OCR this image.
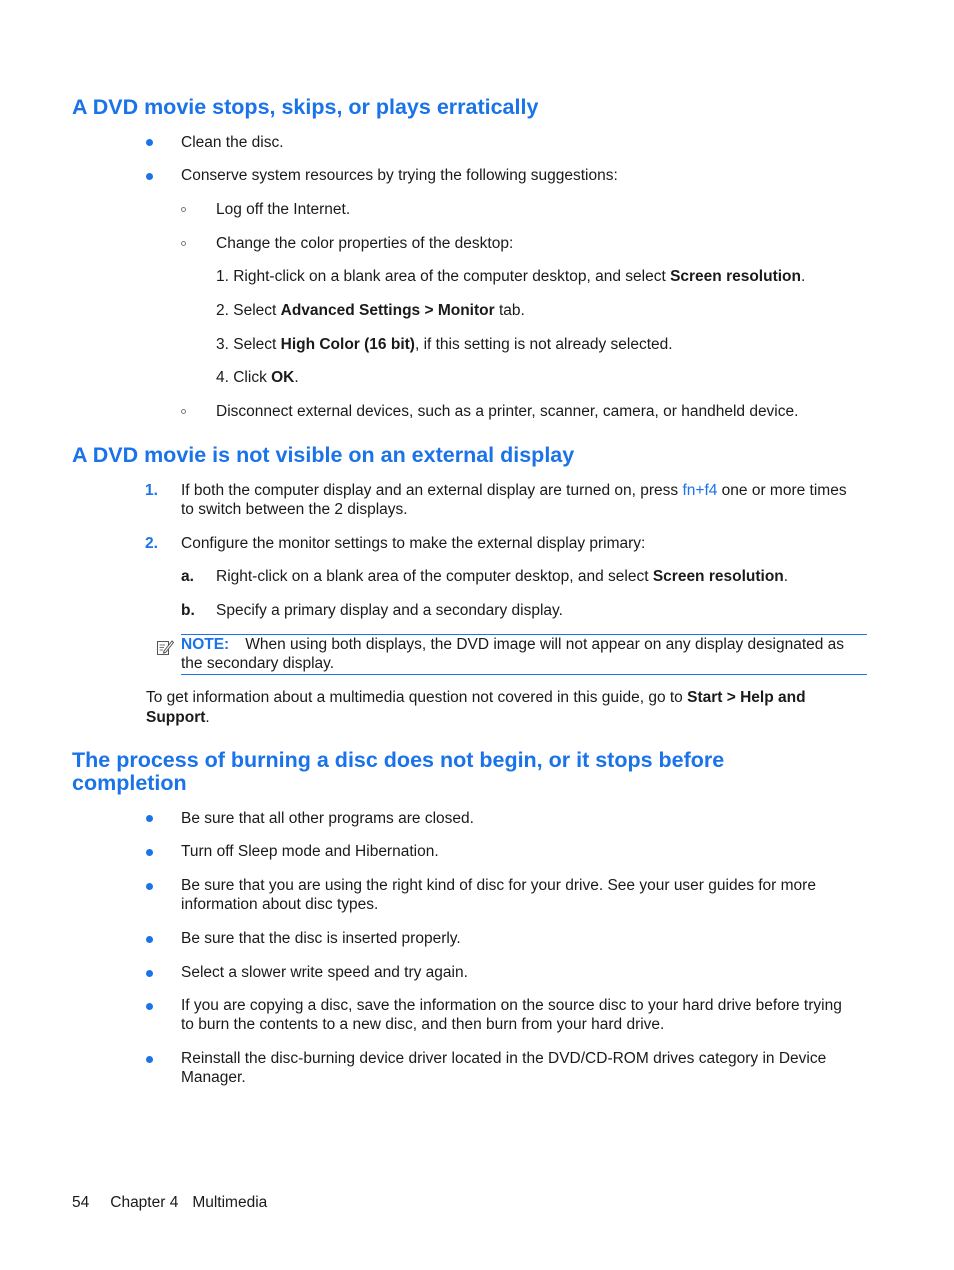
A DVD movie stops, skips, or plays erratically
Clean the disc.
Conserve system resources by trying the following suggestions:
Log off the Internet.
Change the color properties of the desktop:
1. Right-click on a blank area of the computer desktop, and select Screen resolution.
2. Select Advanced Settings > Monitor tab.
3. Select High Color (16 bit), if this setting is not already selected.
4. Click OK.
Disconnect external devices, such as a printer, scanner, camera, or handheld device.
A DVD movie is not visible on an external display
1. If both the computer display and an external display are turned on, press fn+f4 one or more times
to switch between the 2 displays.
2. Configure the monitor settings to make the external display primary:
a. Right-click on a blank area of the computer desktop, and select Screen resolution.
b. Specify a primary display and a secondary display.
NOTE: When using both displays, the DVD image will not appear on any display designated as
the secondary display.
To get information about a multimedia question not covered in this guide, go to Start > Help and
Support.
The process of burning a disc does not begin, or it stops before
completion
Be sure that all other programs are closed.
Turn off Sleep mode and Hibernation.
Be sure that you are using the right kind of disc for your drive. See your user guides for more
information about disc types.
Be sure that the disc is inserted properly.
Select a slower write speed and try again.
If you are copying a disc, save the information on the source disc to your hard drive before trying
to burn the contents to a new disc, and then burn from your hard drive.
Reinstall the disc-burning device driver located in the DVD/CD-ROM drives category in Device
Manager.
54 Chapter 4 Multimedia
